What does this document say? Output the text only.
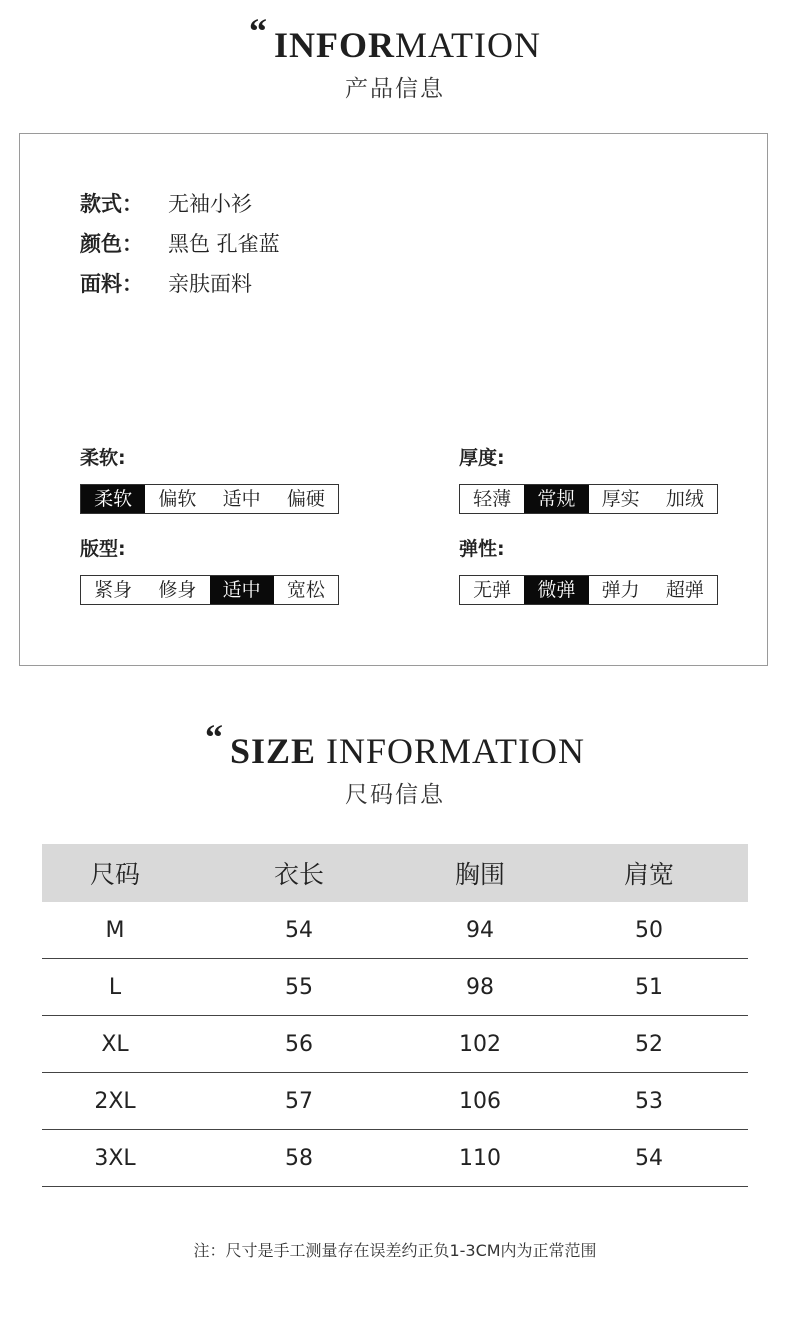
“ INFORMATION
产品信息
款式： 无袖小衫
颜色： 黑色 孔雀蓝
面料： 亲肤面料
柔软:
柔软	偏软	适中	偏硬
厚度:
轻薄	常规	厚实	加绒
版型:
紧身	修身	适中	宽松
弹性:
无弹	微弹	弹力	超弹
“ SIZE INFORMATION
尺码信息
尺码	衣长	胸围	肩宽
M	54	94	50
L	55	98	51
XL	56	102	52
2XL	57	106	53
3XL	58	110	54
注：尺寸是手工测量存在误差约正负1-3CM内为正常范围
